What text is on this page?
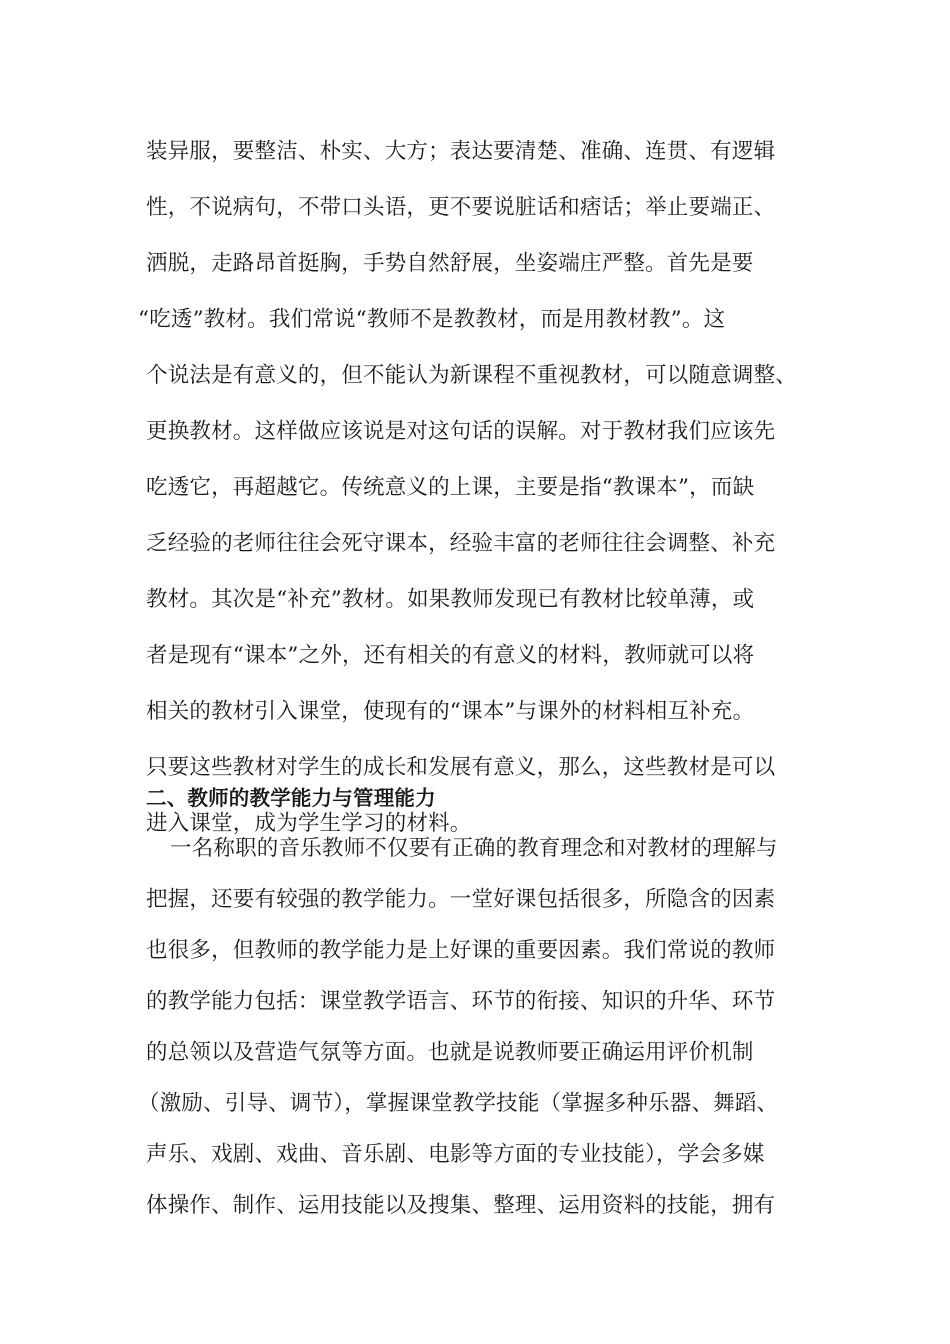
装异服，要整洁、朴实、大方；表达要清楚、准确、连贯、有逻辑
性，不说病句，不带口头语，更不要说脏话和痞话；举止要端正、
洒脱，走路昂首挺胸，手势自然舒展，坐姿端庄严整。首先是要
“吃透”教材。我们常说“教师不是教教材，而是用教材教”。这
个说法是有意义的，但不能认为新课程不重视教材，可以随意调整、
更换教材。这样做应该说是对这句话的误解。对于教材我们应该先
吃透它，再超越它。传统意义的上课，主要是指“教课本”，而缺
乏经验的老师往往会死守课本，经验丰富的老师往往会调整、补充
教材。其次是“补充”教材。如果教师发现已有教材比较单薄，或
者是现有“课本”之外，还有相关的有意义的材料，教师就可以将
相关的教材引入课堂，使现有的“课本”与课外的材料相互补充。
只要这些教材对学生的成长和发展有意义，那么，这些教材是可以
进入课堂，成为学生学习的材料。
二、教师的教学能力与管理能力
一名称职的音乐教师不仅要有正确的教育理念和对教材的理解与
把握，还要有较强的教学能力。一堂好课包括很多，所隐含的因素
也很多，但教师的教学能力是上好课的重要因素。我们常说的教师
的教学能力包括：课堂教学语言、环节的衔接、知识的升华、环节
的总领以及营造气氛等方面。也就是说教师要正确运用评价机制
（激励、引导、调节），掌握课堂教学技能（掌握多种乐器、舞蹈、
声乐、戏剧、戏曲、音乐剧、电影等方面的专业技能），学会多媒
体操作、制作、运用技能以及搜集、整理、运用资料的技能，拥有
